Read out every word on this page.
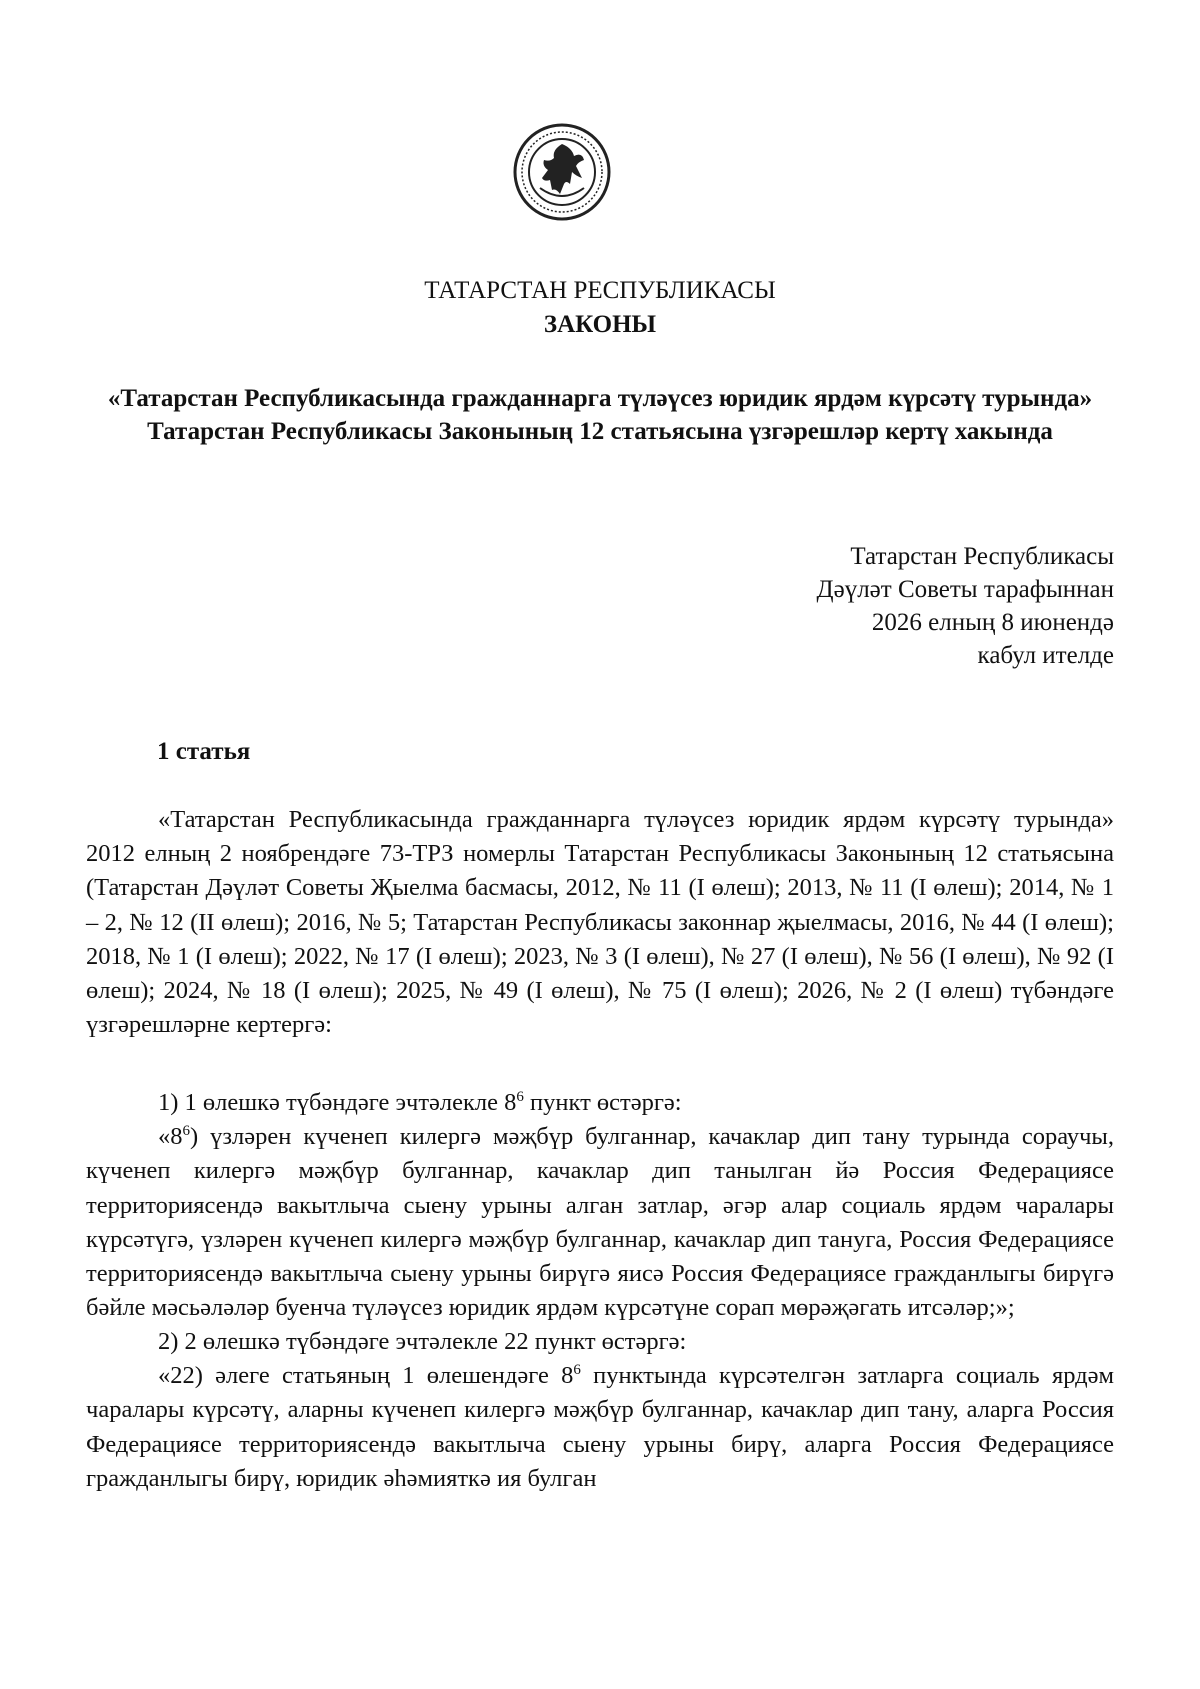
ТАТАРСТАН РЕСПУБЛИКАСЫ
ЗАКОНЫ
«Татарстан Республикасында гражданнарга түләүсез юридик ярдәм күрсәтү турында» Татарстан Республикасы Законының 12 статьясына үзгәрешләр кертү хакында
Татарстан Республикасы
Дәүләт Советы тарафыннан
2026 елның 8 июнендә
кабул ителде
1 статья

«Татарстан Республикасында гражданнарга түләүсез юридик ярдәм күрсәтү турында» 2012 елның 2 ноябрендәге 73-ТРЗ номерлы Татарстан Республикасы Законының 12 статьясына (Татарстан Дәүләт Советы Җыелма басмасы, 2012, № 11 (I өлеш); 2013, № 11 (I өлеш); 2014, № 1 – 2, № 12 (II өлеш); 2016, № 5; Татарстан Республикасы законнар җыелмасы, 2016, № 44 (I өлеш); 2018, № 1 (I өлеш); 2022, № 17 (I өлеш); 2023, № 3 (I өлеш), № 27 (I өлеш), № 56 (I өлеш), № 92 (I өлеш); 2024, № 18 (I өлеш); 2025, № 49 (I өлеш), № 75 (I өлеш); 2026, № 2 (I өлеш) түбәндәге үзгәрешләрне кертергә:

1) 1 өлешкә түбәндәге эчтәлекле $8^6$ пункт өстәргә:

«$8^6$) үзләрен күченеп килергә мәҗбүр булганнар, качаклар дип тану турында сораучы, күченеп килергә мәҗбүр булганнар, качаклар дип танылган йә Россия Федерациясе территориясендә вакытлыча сыену урыны алган затлар, әгәр алар социаль ярдәм чаралары күрсәтүгә, үзләрен күченеп килергә мәҗбүр булганнар, качаклар дип тануга, Россия Федерациясе территориясендә вакытлыча сыену урыны бирүгә яисә Россия Федерациясе гражданлыгы бирүгә бәйле мәсьәләләр буенча түләүсез юридик ярдәм күрсәтүне сорап мөрәҗәгать итсәләр;»;

2) 2 өлешкә түбәндәге эчтәлекле 22 пункт өстәргә:

«22) әлеге статьяның 1 өлешендәге $8^6$ пунктында күрсәтелгән затларга социаль ярдәм чаралары күрсәтү, аларны күченеп килергә мәҗбүр булганнар, качаклар дип тану, аларга Россия Федерациясе территориясендә вакытлыча сыену урыны бирү, аларга Россия Федерациясе гражданлыгы бирү, юридик әһәмияткә ия булган
